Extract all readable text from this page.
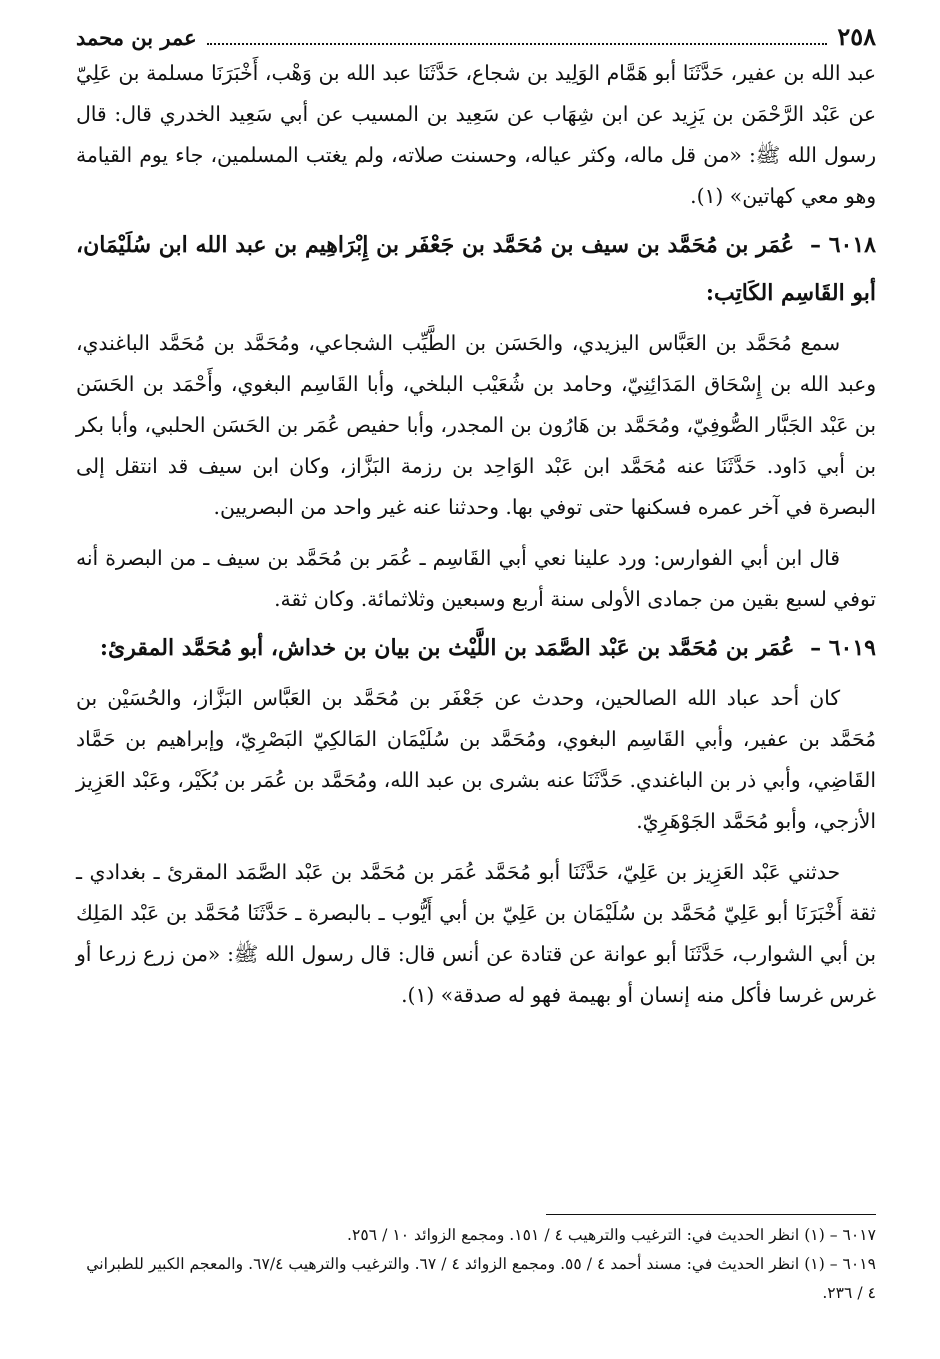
٢٥٨
عمر بن محمد

عبد الله بن عفير، حَدَّثَنَا أبو هَمَّام الوَلِيد بن شجاع، حَدَّثَنَا عبد الله بن وَهْب، أَخْبَرَنَا مسلمة بن عَلِيّ عن عَبْد الرَّحْمَن بن يَزِيد عن ابن شِهَاب عن سَعِيد بن المسيب عن أبي سَعِيد الخدري قال: قال رسول الله ﷺ: «من قل ماله، وكثر عياله، وحسنت صلاته، ولم يغتب المسلمين، جاء يوم القيامة وهو معي كهاتين» (١).

٦٠١٨ – عُمَر بن مُحَمَّد بن سيف بن مُحَمَّد بن جَعْفَر بن إِبْرَاهِيم بن عبد الله ابن سُلَيْمَان، أبو القَاسِم الكَاتِب:

سمع مُحَمَّد بن العَبَّاس اليزيدي، والحَسَن بن الطَّيِّب الشجاعي، ومُحَمَّد بن مُحَمَّد الباغندي، وعبد الله بن إِسْحَاق المَدَائِنِيّ، وحامد بن شُعَيْب البلخي، وأبا القَاسِم البغوي، وأَحْمَد بن الحَسَن بن عَبْد الجَبَّار الصُّوفِيّ، ومُحَمَّد بن هَارُون بن المجدر، وأبا حفيص عُمَر بن الحَسَن الحلبي، وأبا بكر بن أبي دَاود. حَدَّثَنَا عنه مُحَمَّد ابن عَبْد الوَاحِد بن رزمة البَزَّاز، وكان ابن سيف قد انتقل إلى البصرة في آخر عمره فسكنها حتى توفي بها. وحدثنا عنه غير واحد من البصريين.

قال ابن أبي الفوارس: ورد علينا نعي أبي القَاسِم ـ عُمَر بن مُحَمَّد بن سيف ـ من البصرة أنه توفي لسبع بقين من جمادى الأولى سنة أربع وسبعين وثلاثمائة. وكان ثقة.

٦٠١٩ – عُمَر بن مُحَمَّد بن عَبْد الصَّمَد بن اللَّيْث بن بيان بن خداش، أبو مُحَمَّد المقرئ:

كان أحد عباد الله الصالحين، وحدث عن جَعْفَر بن مُحَمَّد بن العَبَّاس البَزَّاز، والحُسَيْن بن مُحَمَّد بن عفير، وأبي القَاسِم البغوي، ومُحَمَّد بن سُلَيْمَان المَالكِيّ البَصْرِيّ، وإبراهيم بن حَمَّاد القَاضِي، وأبي ذر بن الباغندي. حَدَّثَنَا عنه بشرى بن عبد الله، ومُحَمَّد بن عُمَر بن بُكَيْر، وعَبْد العَزِيز الأزجي، وأبو مُحَمَّد الجَوْهَرِيّ.

حدثني عَبْد العَزِيز بن عَلِيّ، حَدَّثَنَا أبو مُحَمَّد عُمَر بن مُحَمَّد بن عَبْد الصَّمَد المقرئ ـ بغدادي ـ ثقة أَخْبَرَنَا أبو عَلِيّ مُحَمَّد بن سُلَيْمَان بن عَلِيّ بن أبي أَيُّوب ـ بالبصرة ـ حَدَّثَنَا مُحَمَّد بن عَبْد المَلِك بن أبي الشوارب، حَدَّثَنَا أبو عوانة عن قتادة عن أنس قال: قال رسول الله ﷺ: «من زرع زرعا أو غرس غرسا فأكل منه إنسان أو بهيمة فهو له صدقة» (١).

٦٠١٧ – (١) انظر الحديث في: الترغيب والترهيب ٤ / ١٥١. ومجمع الزوائد ١٠ / ٢٥٦.

٦٠١٩ – (١) انظر الحديث في: مسند أحمد ٤ / ٥٥. ومجمع الزوائد ٤ / ٦٧. والترغيب والترهيب ٦٧/٤. والمعجم الكبير للطبراني ٤ / ٢٣٦.
